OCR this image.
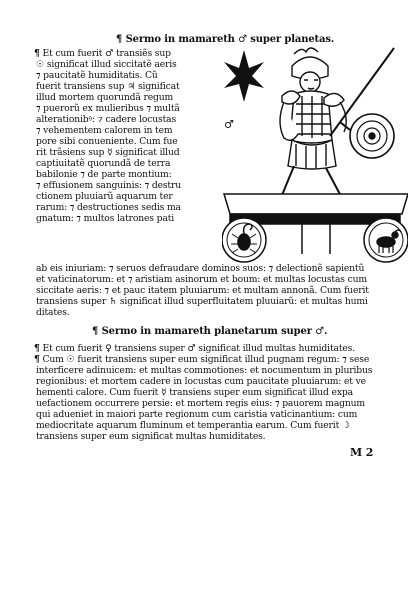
¶ Sermo in mamareth ♂ super planetas.
¶ Et cum fuerit ♂ transiẽs sup
☉ significat illud siccitatẽ aeris
⁊ paucitatẽ humiditatis. Cũ
fuerit transiens sup ♃ significat
illud mortem quorundã regum
⁊ puerorũ ex mulieribus ⁊ multã
alterationibꝰ: ⁊ cadere locustas
⁊ vehementem calorem in tem
pore sibi conueniente. Cum fue
rit trãsiens sup ☿ significat illud
captiuitatẽ quorundã de terra
babilonie ⁊ de parte montium:
⁊ effusionem sanguinis: ⁊ destru
ctionem pluuiarũ aquarum ter
rarum: ⁊ destructiones sedis ma
gnatum: ⁊ multos latrones pati
♂
ab eis iniuriam: ⁊ seruos defraudare dominos suos: ⁊ delectionẽ sapientũ
et vaticinatorum: et ⁊ aristiam asinorum et boum: et multas locustas cum
siccitate aeris: ⁊ et pauc itatem pluuiarum: et multam annonã. Cum fuerit
transiens super ♄ significat illud superfluitatem pluuiarũ: et multas humi
ditates.
¶ Sermo in mamareth planetarum super ♂.
¶ Et cum fuerit ♀ transiens super ♂ significat illud multas humiditates.
¶ Cum ☉ fuerit transiens super eum significat illud pugnam regum: ⁊ sese
interficere adinuicem: et multas commotiones: et nocumentum in pluribus
regionibus: et mortem cadere in locustas cum paucitate pluuiarum: et ve
hementi calore. Cum fuerit ☿ transiens super eum significat illud expa
uefactionem occurrere persie: et mortem regis eius: ⁊ pauorem magnum
qui adueniet in maiori parte regionum cum caristia vaticinantium: cum
mediocritate aquarum fluminum et temperantia earum. Cum fuerit ☽
transiens super eum significat multas humiditates.
M 2
